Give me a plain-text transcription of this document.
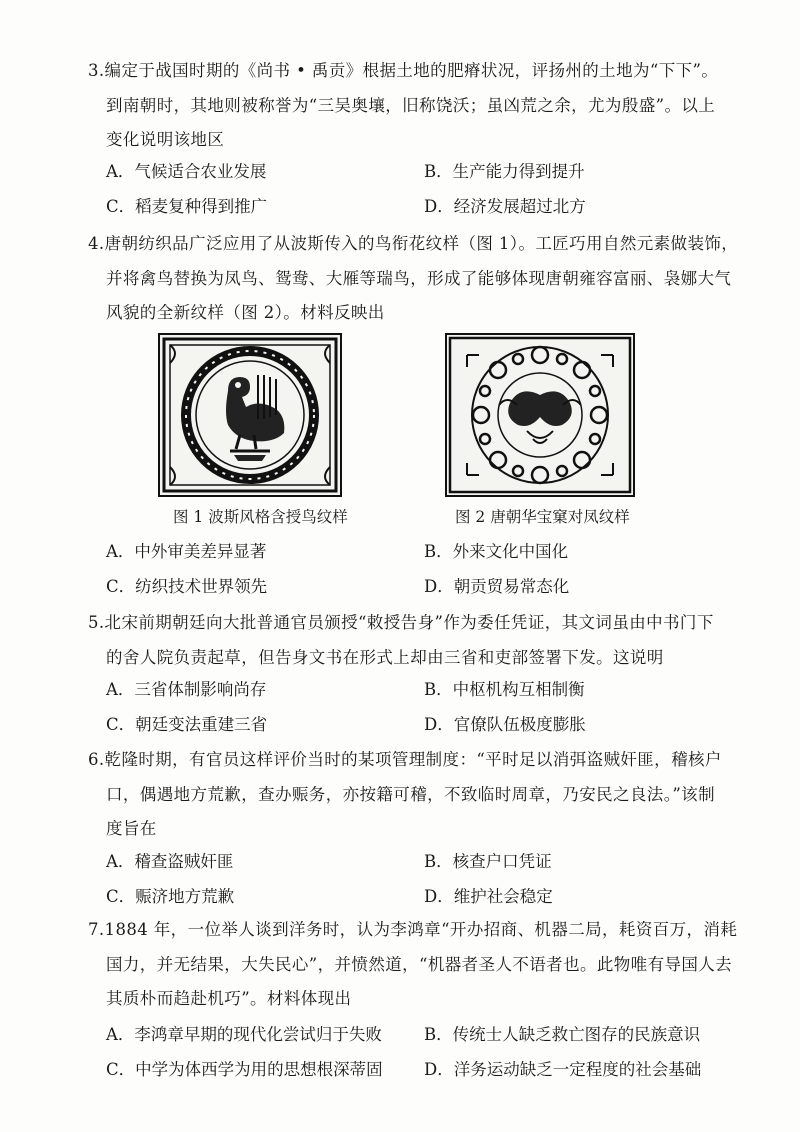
3.编定于战国时期的《尚书 • 禹贡》根据土地的肥瘠状况，评扬州的土地为“下下”。
到南朝时，其地则被称誉为“三吴奥壤，旧称饶沃；虽凶荒之余，尤为殷盛”。以上
变化说明该地区
A．气候适合农业发展	B．生产能力得到提升
C．稻麦复种得到推广	D．经济发展超过北方
4.唐朝纺织品广泛应用了从波斯传入的鸟衔花纹样（图 1）。工匠巧用自然元素做装饰，
并将禽鸟替换为凤鸟、鸳鸯、大雁等瑞鸟，形成了能够体现唐朝雍容富丽、袅娜大气
风貌的全新纹样（图 2）。材料反映出
图 1 波斯风格含授鸟纹样	图 2 唐朝华宝窠对凤纹样
A．中外审美差异显著	B．外来文化中国化
C．纺织技术世界领先	D．朝贡贸易常态化
5.北宋前期朝廷向大批普通官员颁授“敕授告身”作为委任凭证，其文词虽由中书门下
的舍人院负责起草，但告身文书在形式上却由三省和吏部签署下发。这说明
A．三省体制影响尚存	B．中枢机构互相制衡
C．朝廷变法重建三省	D．官僚队伍极度膨胀
6.乾隆时期，有官员这样评价当时的某项管理制度：“平时足以消弭盗贼奸匪，稽核户
口，偶遇地方荒歉，查办赈务，亦按籍可稽，不致临时周章，乃安民之良法。”该制
度旨在
A．稽查盗贼奸匪	B．核查户口凭证
C．赈济地方荒歉	D．维护社会稳定
7.1884 年，一位举人谈到洋务时，认为李鸿章“开办招商、机器二局，耗资百万，消耗
国力，并无结果，大失民心”，并愤然道，“机器者圣人不语者也。此物唯有导国人去
其质朴而趋赴机巧”。材料体现出
A．李鸿章早期的现代化尝试归于失败	B．传统士人缺乏救亡图存的民族意识
C．中学为体西学为用的思想根深蒂固	D．洋务运动缺乏一定程度的社会基础
